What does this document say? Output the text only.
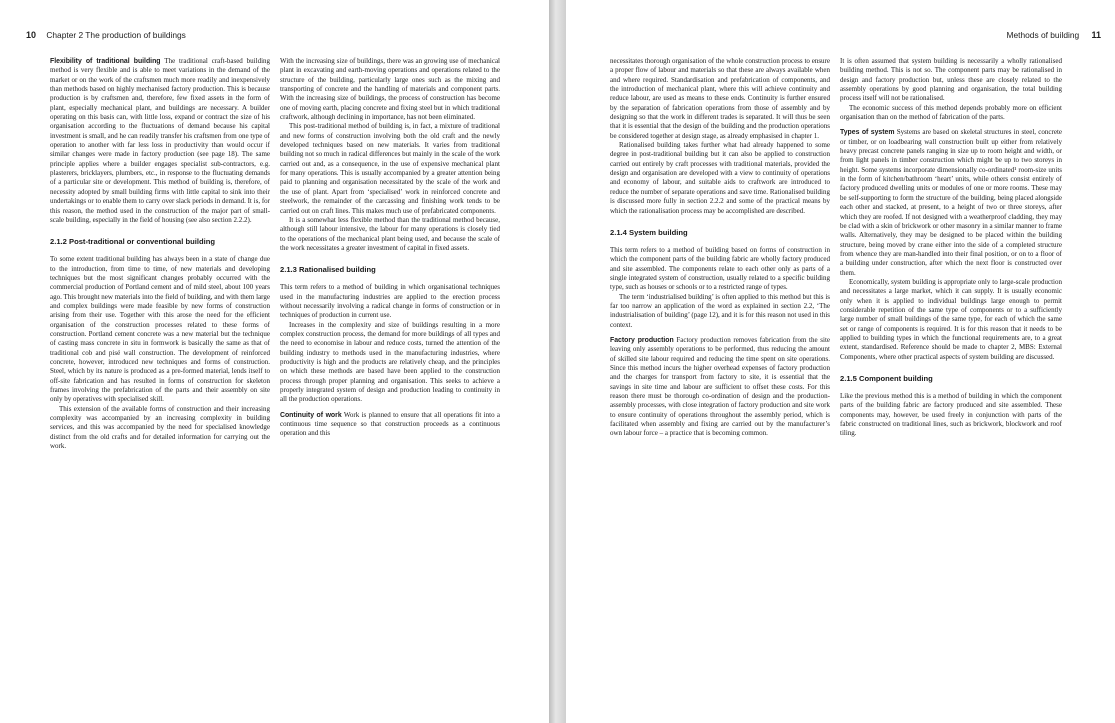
10 Chapter 2 The production of buildings

Flexibility of traditional building The traditional craft-based building method is very flexible and is able to meet variations in the demand of the market or on the work of the craftsmen much more readily and inexpensively than methods based on highly mechanised factory production. This is because production is by craftsmen and, therefore, few fixed assets in the form of plant, especially mechanical plant, and buildings are necessary. A builder operating on this basis can, with little loss, expand or contract the size of his organisation according to the fluctuations of demand because his capital investment is small, and he can readily transfer his craftsmen from one type of operation to another with far less loss in productivity than would occur if similar changes were made in factory production (see page 18). The same principle applies where a builder engages specialist sub-contractors, e.g. plasterers, bricklayers, plumbers, etc., in response to the fluctuating demands of a particular site or development. This method of building is, therefore, of necessity adopted by small building firms with little capital to sink into their undertakings or to enable them to carry over slack periods in demand. It is, for this reason, the method used in the construction of the major part of small-scale building, especially in the field of housing (see also section 2.2.2).

2.1.2 Post-traditional or conventional building

To some extent traditional building has always been in a state of change due to the introduction, from time to time, of new materials and developing techniques but the most significant changes probably occurred with the commercial production of Portland cement and of mild steel, about 100 years ago. This brought new materials into the field of building, and with them large and complex buildings were made feasible by new forms of construction arising from their use. Together with this arose the need for the efficient organisation of the construction processes related to these forms of construction. Portland cement concrete was a new material but the technique of casting mass concrete in situ in formwork is basically the same as that of traditional cob and pisé wall construction. The development of reinforced concrete, however, introduced new techniques and forms of construction. Steel, which by its nature is produced as a pre-formed material, lends itself to off-site fabrication and has resulted in forms of construction for skeleton frames involving the prefabrication of the parts and their assembly on site only by operatives with specialised skill.

This extension of the available forms of construction and their increasing complexity was accompanied by an increasing complexity in building services, and this was accompanied by the need for specialised knowledge distinct from the old crafts and for detailed information for carrying out the work.

With the increasing size of buildings, there was an growing use of mechanical plant in excavating and earth-moving operations and operations related to the structure of the building, particularly large ones such as the mixing and transporting of concrete and the handling of materials and component parts. With the increasing size of buildings, the process of construction has become one of moving earth, placing concrete and fixing steel but in which traditional craftwork, although declining in importance, has not been eliminated.

This post-traditional method of building is, in fact, a mixture of traditional and new forms of construction involving both the old craft and the newly developed techniques based on new materials. It varies from traditional building not so much in radical differences but mainly in the scale of the work carried out and, as a consequence, in the use of expensive mechanical plant for many operations. This is usually accompanied by a greater attention being paid to planning and organisation necessitated by the scale of the work and the use of plant. Apart from ‘specialised’ work in reinforced concrete and steelwork, the remainder of the carcassing and finishing work tends to be carried out on craft lines. This makes much use of prefabricated components.

It is a somewhat less flexible method than the traditional method because, although still labour intensive, the labour for many operations is closely tied to the operations of the mechanical plant being used, and because the scale of the work necessitates a greater investment of capital in fixed assets.

2.1.3 Rationalised building

This term refers to a method of building in which organisational techniques used in the manufacturing industries are applied to the erection process without necessarily involving a radical change in forms of construction or in techniques of production in current use.

Increases in the complexity and size of buildings resulting in a more complex construction process, the demand for more buildings of all types and the need to economise in labour and reduce costs, turned the attention of the building industry to methods used in the manufacturing industries, where productivity is high and the products are relatively cheap, and the principles on which these methods are based have been applied to the construction process through proper planning and organisation. This seeks to achieve a properly integrated system of design and production leading to continuity in all the production operations.

Continuity of work Work is planned to ensure that all operations fit into a continuous time sequence so that construction proceeds as a continuous operation and this

Methods of building 11

necessitates thorough organisation of the whole construction process to ensure a proper flow of labour and materials so that these are always available when and where required. Standardisation and prefabrication of components, and the introduction of mechanical plant, where this will achieve continuity and reduce labour, are used as means to these ends. Continuity is further ensured by the separation of fabrication operations from those of assembly and by designing so that the work in different trades is separated. It will thus be seen that it is essential that the design of the building and the production operations be considered together at design stage, as already emphasised in chapter 1.

Rationalised building takes further what had already happened to some degree in post-traditional building but it can also be applied to construction carried out entirely by craft processes with traditional materials, provided the design and organisation are developed with a view to continuity of operations and economy of labour, and suitable aids to craftwork are introduced to reduce the number of separate operations and save time. Rationalised building is discussed more fully in section 2.2.2 and some of the practical means by which the rationalisation process may be accomplished are described.

2.1.4 System building

This term refers to a method of building based on forms of construction in which the component parts of the building fabric are wholly factory produced and site assembled. The components relate to each other only as parts of a single integrated system of construction, usually related to a specific building type, such as houses or schools or to a restricted range of types.

The term ‘industrialised building’ is often applied to this method but this is far too narrow an application of the word as explained in section 2.2, ‘The industrialisation of building’ (page 12), and it is for this reason not used in this context.

Factory production Factory production removes fabrication from the site leaving only assembly operations to be performed, thus reducing the amount of skilled site labour required and reducing the time spent on site operations. Since this method incurs the higher overhead expenses of factory production and the charges for transport from factory to site, it is essential that the savings in site time and labour are sufficient to offset these costs. For this reason there must be thorough co-ordination of design and the production-assembly processes, with close integration of factory production and site work to ensure continuity of operations throughout the assembly period, which is facilitated when assembly and fixing are carried out by the manufacturer’s own labour force – a practice that is becoming common.

It is often assumed that system building is necessarily a wholly rationalised building method. This is not so. The component parts may be rationalised in design and factory production but, unless these are closely related to the assembly operations by good planning and organisation, the total building process itself will not be rationalised.

The economic success of this method depends probably more on efficient organisation than on the method of fabrication of the parts.

Types of system Systems are based on skeletal structures in steel, concrete or timber, or on loadbearing wall construction built up either from relatively heavy precast concrete panels ranging in size up to room height and width, or from light panels in timber construction which might be up to two storeys in height. Some systems incorporate dimensionally co-ordinated¹ room-size units in the form of kitchen/bathroom ‘heart’ units, while others consist entirely of factory produced dwelling units or modules of one or more rooms. These may be self-supporting to form the structure of the building, being placed alongside each other and stacked, at present, to a height of two or three storeys, after which they are roofed. If not designed with a weatherproof cladding, they may be clad with a skin of brickwork or other masonry in a similar manner to frame walls. Alternatively, they may be designed to be placed within the building structure, being moved by crane either into the side of a completed structure from whence they are man-handled into their final position, or on to a floor of a building under construction, after which the next floor is constructed over them.

Economically, system building is appropriate only to large-scale production and necessitates a large market, which it can supply. It is usually economic only when it is applied to individual buildings large enough to permit considerable repetition of the same type of components or to a sufficiently large number of small buildings of the same type, for each of which the same set or range of components is required. It is for this reason that it needs to be applied to building types in which the functional requirements are, to a great extent, standardised. Reference should be made to chapter 2, MBS: External Components, where other practical aspects of system building are discussed.

2.1.5 Component building

Like the previous method this is a method of building in which the component parts of the building fabric are factory produced and site assembled. These components may, however, be used freely in conjunction with parts of the fabric constructed on traditional lines, such as brickwork, blockwork and roof tiling.
